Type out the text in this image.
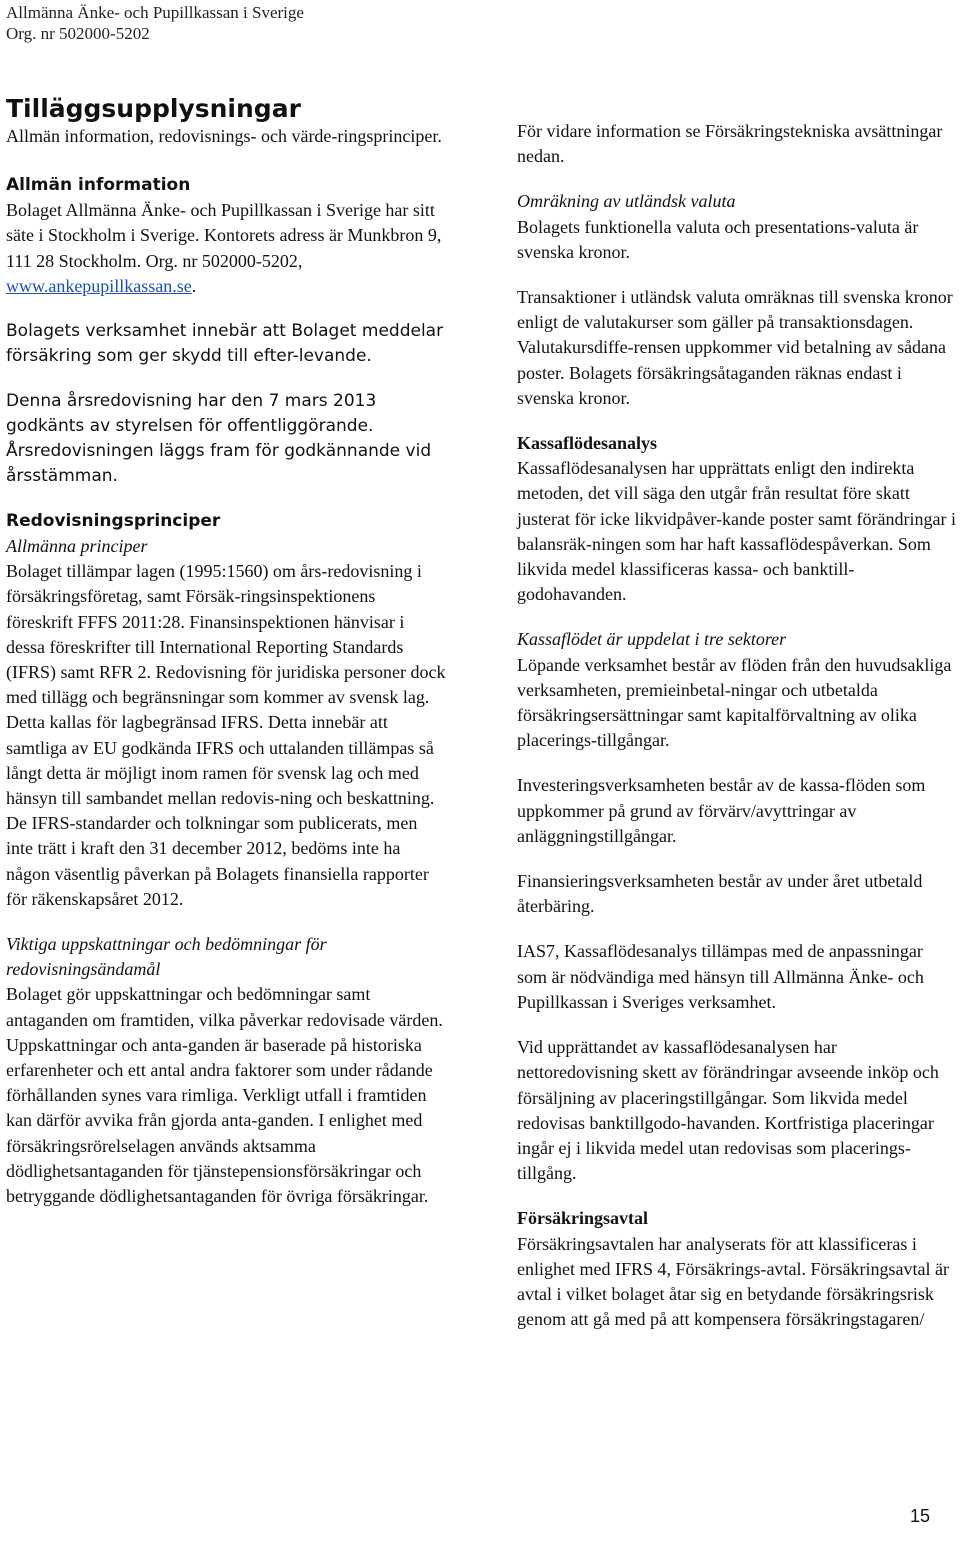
Allmänna Änke- och Pupillkassan i Sverige
Org. nr 502000-5202
Tilläggsupplysningar

Allmän information, redovisnings- och värde-ringsprinciper.

Allmän information

Bolaget Allmänna Änke- och Pupillkassan i Sverige har sitt säte i Stockholm i Sverige. Kontorets adress är Munkbron 9, 111 28 Stockholm. Org. nr 502000-5202, www.ankepupillkassan.se.

Bolagets verksamhet innebär att Bolaget meddelar försäkring som ger skydd till efter-levande.

Denna årsredovisning har den 7 mars 2013 godkänts av styrelsen för offentliggörande. Årsredovisningen läggs fram för godkännande vid årsstämman.

Redovisningsprinciper

Allmänna principer

Bolaget tillämpar lagen (1995:1560) om års-redovisning i försäkringsföretag, samt Försäk-ringsinspektionens föreskrift FFFS 2011:28. Finansinspektionen hänvisar i dessa föreskrifter till International Reporting Standards (IFRS) samt RFR 2. Redovisning för juridiska personer dock med tillägg och begränsningar som kommer av svensk lag. Detta kallas för lagbegränsad IFRS. Detta innebär att samtliga av EU godkända IFRS och uttalanden tillämpas så långt detta är möjligt inom ramen för svensk lag och med hänsyn till sambandet mellan redovis-ning och beskattning. De IFRS-standarder och tolkningar som publicerats, men inte trätt i kraft den 31 december 2012, bedöms inte ha någon väsentlig påverkan på Bolagets finansiella rapporter för räkenskapsåret 2012.

Viktiga uppskattningar och bedömningar för redovisningsändamål

Bolaget gör uppskattningar och bedömningar samt antaganden om framtiden, vilka påverkar redovisade värden. Uppskattningar och anta-ganden är baserade på historiska erfarenheter och ett antal andra faktorer som under rådande förhållanden synes vara rimliga. Verkligt utfall i framtiden kan därför avvika från gjorda anta-ganden. I enlighet med försäkringsrörelselagen används aktsamma dödlighetsantaganden för tjänstepensionsförsäkringar och betryggande dödlighetsantaganden för övriga försäkringar.

För vidare information se Försäkringstekniska avsättningar nedan.

Omräkning av utländsk valuta

Bolagets funktionella valuta och presentations-valuta är svenska kronor.

Transaktioner i utländsk valuta omräknas till svenska kronor enligt de valutakurser som gäller på transaktionsdagen. Valutakursdiffe-rensen uppkommer vid betalning av sådana poster. Bolagets försäkringsåtaganden räknas endast i svenska kronor.

Kassaflödesanalys

Kassaflödesanalysen har upprättats enligt den indirekta metoden, det vill säga den utgår från resultat före skatt justerat för icke likvidpåver-kande poster samt förändringar i balansräk-ningen som har haft kassaflödespåverkan. Som likvida medel klassificeras kassa- och banktill-godohavanden.

Kassaflödet är uppdelat i tre sektorer

Löpande verksamhet består av flöden från den huvudsakliga verksamheten, premieinbetal-ningar och utbetalda försäkringsersättningar samt kapitalförvaltning av olika placerings-tillgångar.

Investeringsverksamheten består av de kassa-flöden som uppkommer på grund av förvärv/avyttringar av anläggningstillgångar.

Finansieringsverksamheten består av under året utbetald återbäring.

IAS7, Kassaflödesanalys tillämpas med de anpassningar som är nödvändiga med hänsyn till Allmänna Änke- och Pupillkassan i Sveriges verksamhet.

Vid upprättandet av kassaflödesanalysen har nettoredovisning skett av förändringar avseende inköp och försäljning av placeringstillgångar. Som likvida medel redovisas banktillgodo-havanden. Kortfristiga placeringar ingår ej i likvida medel utan redovisas som placerings-tillgång.

Försäkringsavtal

Försäkringsavtalen har analyserats för att klassificeras i enlighet med IFRS 4, Försäkrings-avtal. Försäkringsavtal är avtal i vilket bolaget åtar sig en betydande försäkringsrisk genom att gå med på att kompensera försäkringstagaren/

15
